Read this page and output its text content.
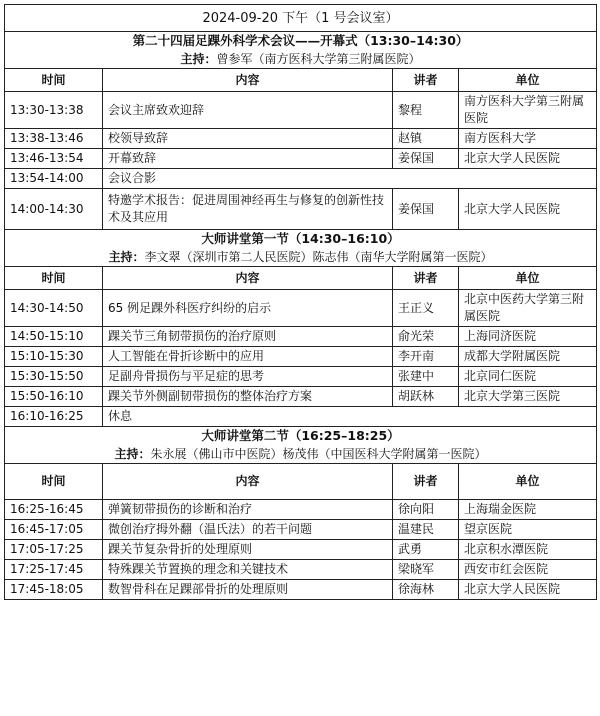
2024-09-20 下午（1 号会议室）			

第二十四届足踝外科学术会议——开幕式（13:30–14:30）
主持：曾参军（南方医科大学第三附属医院）			

时间	内容	讲者	单位
13:30-13:38	会议主席致欢迎辞	黎程	南方医科大学第三附属医院
13:38-13:46	校领导致辞	赵镇	南方医科大学
13:46-13:54	开幕致辞	姜保国	北京大学人民医院
13:54-14:00	会议合影		
14:00-14:30	特邀学术报告：促进周围神经再生与修复的创新性技术及其应用	姜保国	北京大学人民医院

大师讲堂第一节（14:30–16:10）
主持：李文翠（深圳市第二人民医院）陈志伟（南华大学附属第一医院）			

时间	内容	讲者	单位
14:30-14:50	65 例足踝外科医疗纠纷的启示	王正义	北京中医药大学第三附属医院
14:50-15:10	踝关节三角韧带损伤的治疗原则	俞光荣	上海同济医院
15:10-15:30	人工智能在骨折诊断中的应用	李开南	成都大学附属医院
15:30-15:50	足副舟骨损伤与平足症的思考	张建中	北京同仁医院
15:50-16:10	踝关节外侧副韧带损伤的整体治疗方案	胡跃林	北京大学第三医院
16:10-16:25	休息		

大师讲堂第二节（16:25–18:25）
主持：朱永展（佛山市中医院）杨茂伟（中国医科大学附属第一医院）			

时间	内容	讲者	单位
16:25-16:45	弹簧韧带损伤的诊断和治疗	徐向阳	上海瑞金医院
16:45-17:05	微创治疗拇外翻（温氏法）的若干问题	温建民	望京医院
17:05-17:25	踝关节复杂骨折的处理原则	武勇	北京积水潭医院
17:25-17:45	特殊踝关节置换的理念和关键技术	梁晓军	西安市红会医院
17:45-18:05	数智骨科在足踝部骨折的处理原则	徐海林	北京大学人民医院
